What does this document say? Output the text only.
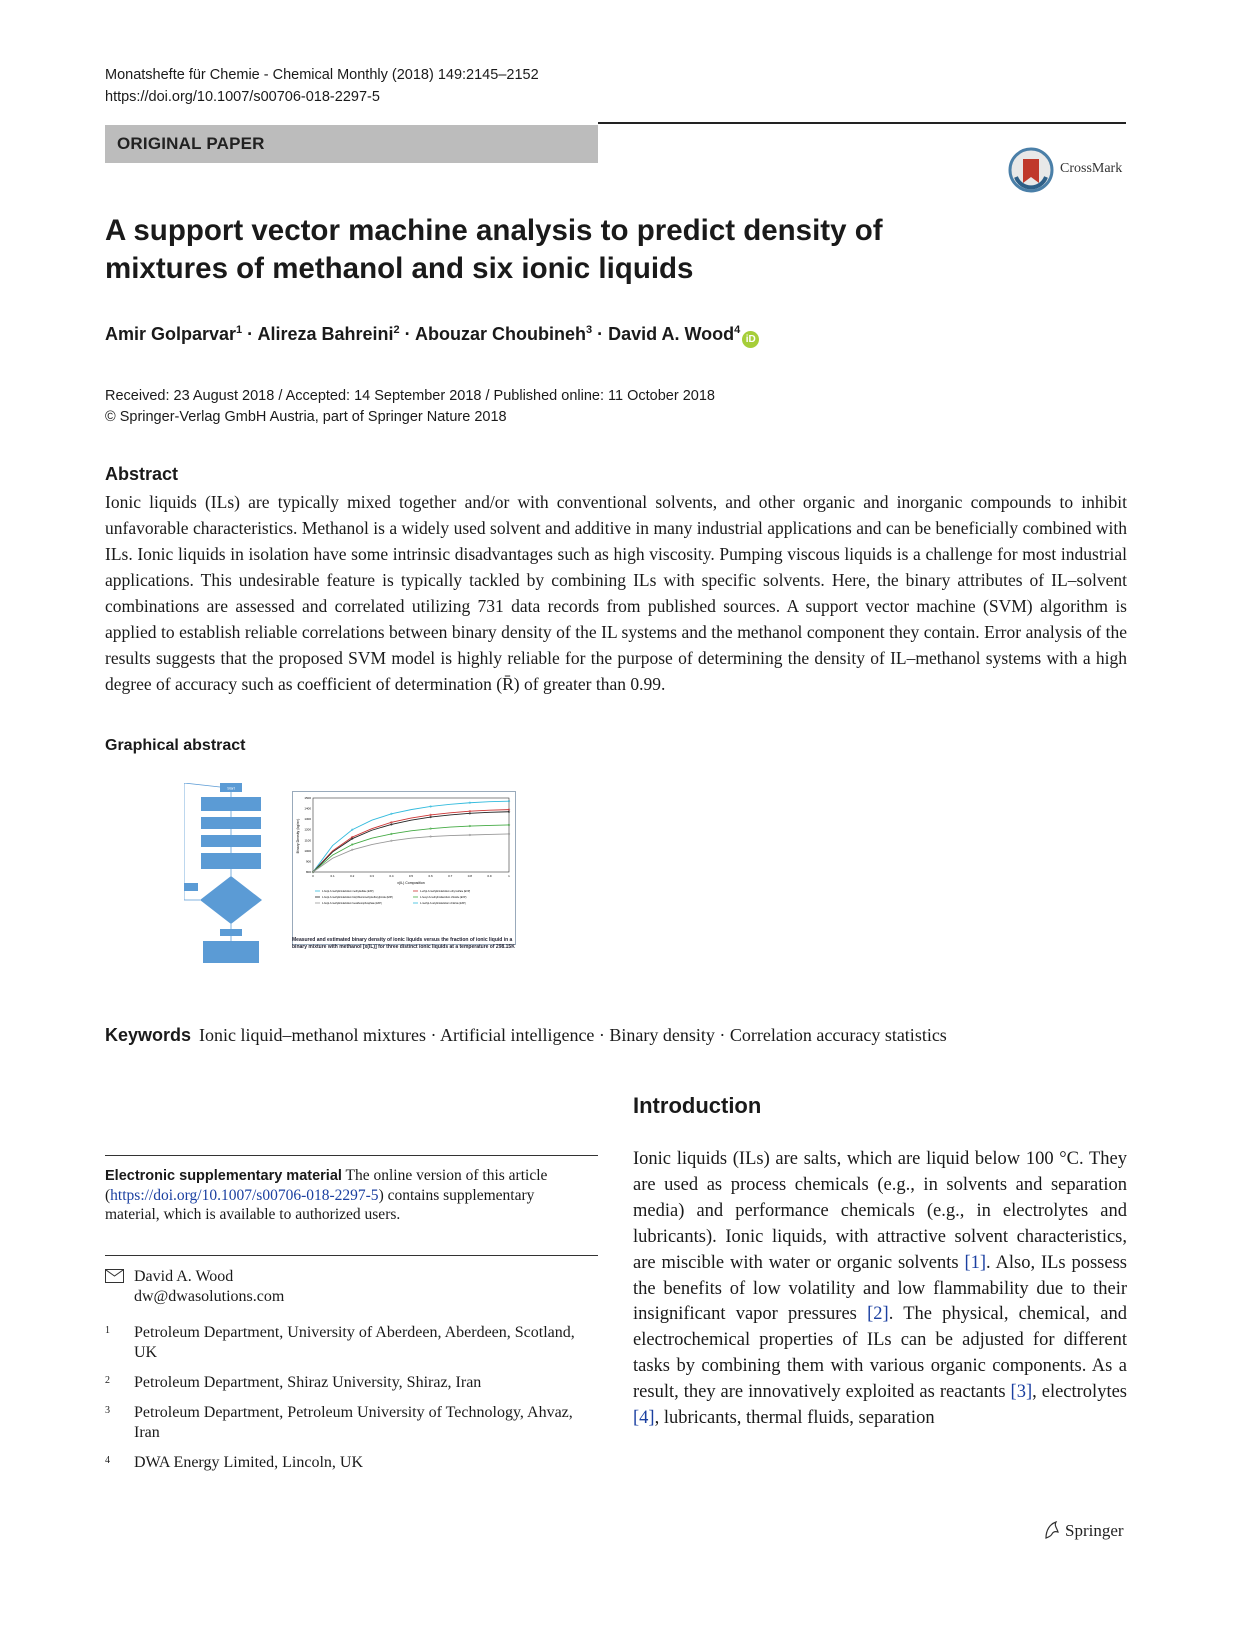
Monatshefte für Chemie - Chemical Monthly (2018) 149:2145–2152
https://doi.org/10.1007/s00706-018-2297-5
ORIGINAL PAPER
CrossMark
A support vector machine analysis to predict density of mixtures of methanol and six ionic liquids
Amir Golparvar$^1$ · Alireza Bahreini$^2$ · Abouzar Choubineh$^3$ · David A. Wood$^4$iD
Received: 23 August 2018 / Accepted: 14 September 2018 / Published online: 11 October 2018
© Springer-Verlag GmbH Austria, part of Springer Nature 2018
Abstract
Ionic liquids (ILs) are typically mixed together and/or with conventional solvents, and other organic and inorganic compounds to inhibit unfavorable characteristics. Methanol is a widely used solvent and additive in many industrial applications and can be beneficially combined with ILs. Ionic liquids in isolation have some intrinsic disadvantages such as high viscosity. Pumping viscous liquids is a challenge for most industrial applications. This undesirable feature is typically tackled by combining ILs with specific solvents. Here, the binary attributes of IL–solvent combinations are assessed and correlated utilizing 731 data records from published sources. A support vector machine (SVM) algorithm is applied to establish reliable correlations between binary density of the IL systems and the methanol component they contain. Error analysis of the results suggests that the proposed SVM model is highly reliable for the purpose of determining the density of IL–methanol systems with a high degree of accuracy such as coefficient of determination (R̄) of greater than 0.99.
Graphical abstract
Start
0	0.1	0.2	0.3	0.4	0.5	0.6	0.7	0.8	0.9	1
800
900
1000
1100
1200
1300
1400
1500
x(IL) Composition
Binary Density (kg/m³)
1-butyl-3-methylimidazolium methylsulfate (EXP)	1-ethyl-3-methylimidazolium ethyl sulfate (EXP)
1-butyl-3-methylimidazolium bis(trifluoromethylsulfonyl)imide (EXP)	1-hexyl-3-methylimidazolium chloride (EXP)
1-butyl-3-methylimidazolium hexafluorophosphate (EXP)	1-methyl-3-octylimidazolium chloride (EXP)
Measured and estimated binary density of ionic liquids versus the fraction of ionic liquid in a binary mixture with methanol [x(IL)] for three distinct ionic liquids at a temperature of 298.15K
Keywords Ionic liquid–methanol mixtures · Artificial intelligence · Binary density · Correlation accuracy statistics
Introduction
Ionic liquids (ILs) are salts, which are liquid below 100 °C. They are used as process chemicals (e.g., in solvents and separation media) and performance chemicals (e.g., in electrolytes and lubricants). Ionic liquids, with attractive solvent characteristics, are miscible with water or organic solvents [1]. Also, ILs possess the benefits of low volatility and low flammability due to their insignificant vapor pressures [2]. The physical, chemical, and electrochemical properties of ILs can be adjusted for different tasks by combining them with various organic components. As a result, they are innovatively exploited as reactants [3], electrolytes [4], lubricants, thermal fluids, separation
Electronic supplementary material The online version of this article (https://doi.org/10.1007/s00706-018-2297-5) contains supplementary material, which is available to authorized users.
David A. Wood
dw@dwasolutions.com
1	Petroleum Department, University of Aberdeen, Aberdeen, Scotland, UK
2	Petroleum Department, Shiraz University, Shiraz, Iran
3	Petroleum Department, Petroleum University of Technology, Ahvaz, Iran
4	DWA Energy Limited, Lincoln, UK
Springer
